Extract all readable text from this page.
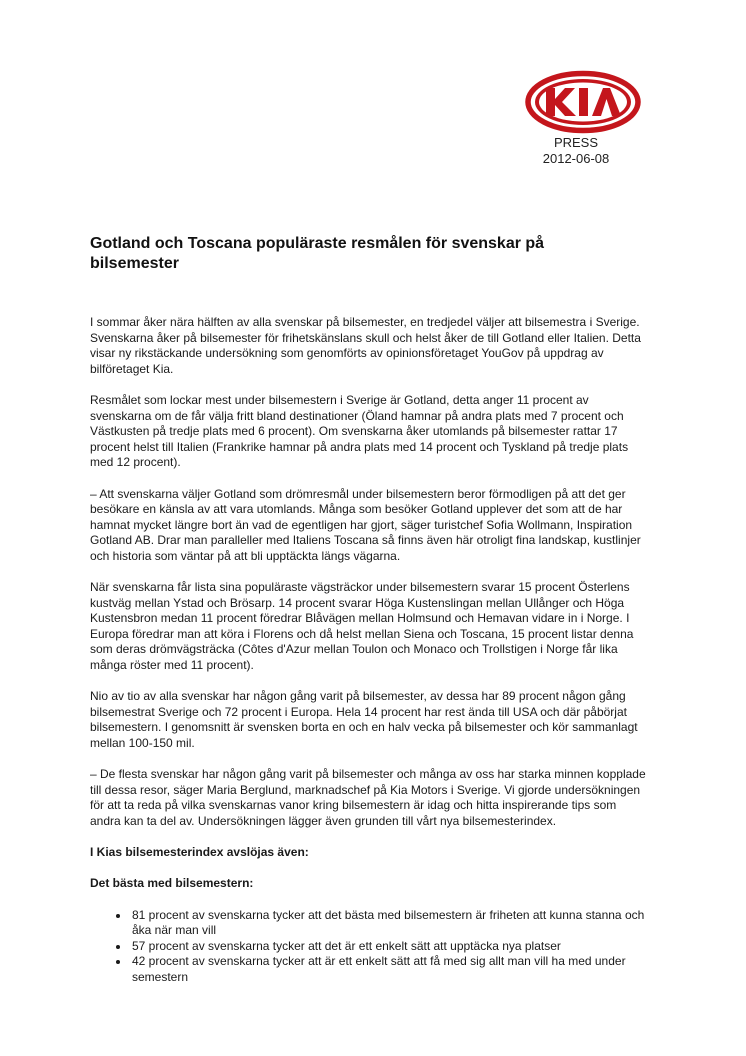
PRESS
2012-06-08
Gotland och Toscana populäraste resmålen för svenskar på bilsemester

I sommar åker nära hälften av alla svenskar på bilsemester, en tredjedel väljer att bilsemestra i Sverige. Svenskarna åker på bilsemester för frihetskänslans skull och helst åker de till Gotland eller Italien. Detta visar ny rikstäckande undersökning som genomförts av opinionsföretaget YouGov på uppdrag av bilföretaget Kia.

Resmålet som lockar mest under bilsemestern i Sverige är Gotland, detta anger 11 procent av svenskarna om de får välja fritt bland destinationer (Öland hamnar på andra plats med 7 procent och Västkusten på tredje plats med 6 procent). Om svenskarna åker utomlands på bilsemester rattar 17 procent helst till Italien (Frankrike hamnar på andra plats med 14 procent och Tyskland på tredje plats med 12 procent).

– Att svenskarna väljer Gotland som drömresmål under bilsemestern beror förmodligen på att det ger besökare en känsla av att vara utomlands. Många som besöker Gotland upplever det som att de har hamnat mycket längre bort än vad de egentligen har gjort, säger turistchef Sofia Wollmann, Inspiration Gotland AB. Drar man paralleller med Italiens Toscana så finns även här otroligt fina landskap, kustlinjer och historia som väntar på att bli upptäckta längs vägarna.

När svenskarna får lista sina populäraste vägsträckor under bilsemestern svarar 15 procent Österlens kustväg mellan Ystad och Brösarp. 14 procent svarar Höga Kustenslingan mellan Ullånger och Höga Kustensbron medan 11 procent föredrar Blåvägen mellan Holmsund och Hemavan vidare in i Norge. I Europa föredrar man att köra i Florens och då helst mellan Siena och Toscana, 15 procent listar denna som deras drömvägsträcka (Côtes d'Azur mellan Toulon och Monaco och Trollstigen i Norge får lika många röster med 11 procent).

Nio av tio av alla svenskar har någon gång varit på bilsemester, av dessa har 89 procent någon gång bilsemestrat Sverige och 72 procent i Europa. Hela 14 procent har rest ända till USA och där påbörjat bilsemestern. I genomsnitt är svensken borta en och en halv vecka på bilsemester och kör sammanlagt mellan 100-150 mil.

– De flesta svenskar har någon gång varit på bilsemester och många av oss har starka minnen kopplade till dessa resor, säger Maria Berglund, marknadschef på Kia Motors i Sverige. Vi gjorde undersökningen för att ta reda på vilka svenskarnas vanor kring bilsemestern är idag och hitta inspirerande tips som andra kan ta del av. Undersökningen lägger även grunden till vårt nya bilsemesterindex.

I Kias bilsemesterindex avslöjas även:

Det bästa med bilsemestern:

• 81 procent av svenskarna tycker att det bästa med bilsemestern är friheten att kunna stanna och åka när man vill
• 57 procent av svenskarna tycker att det är ett enkelt sätt att upptäcka nya platser
• 42 procent av svenskarna tycker att är ett enkelt sätt att få med sig allt man vill ha med under semestern
